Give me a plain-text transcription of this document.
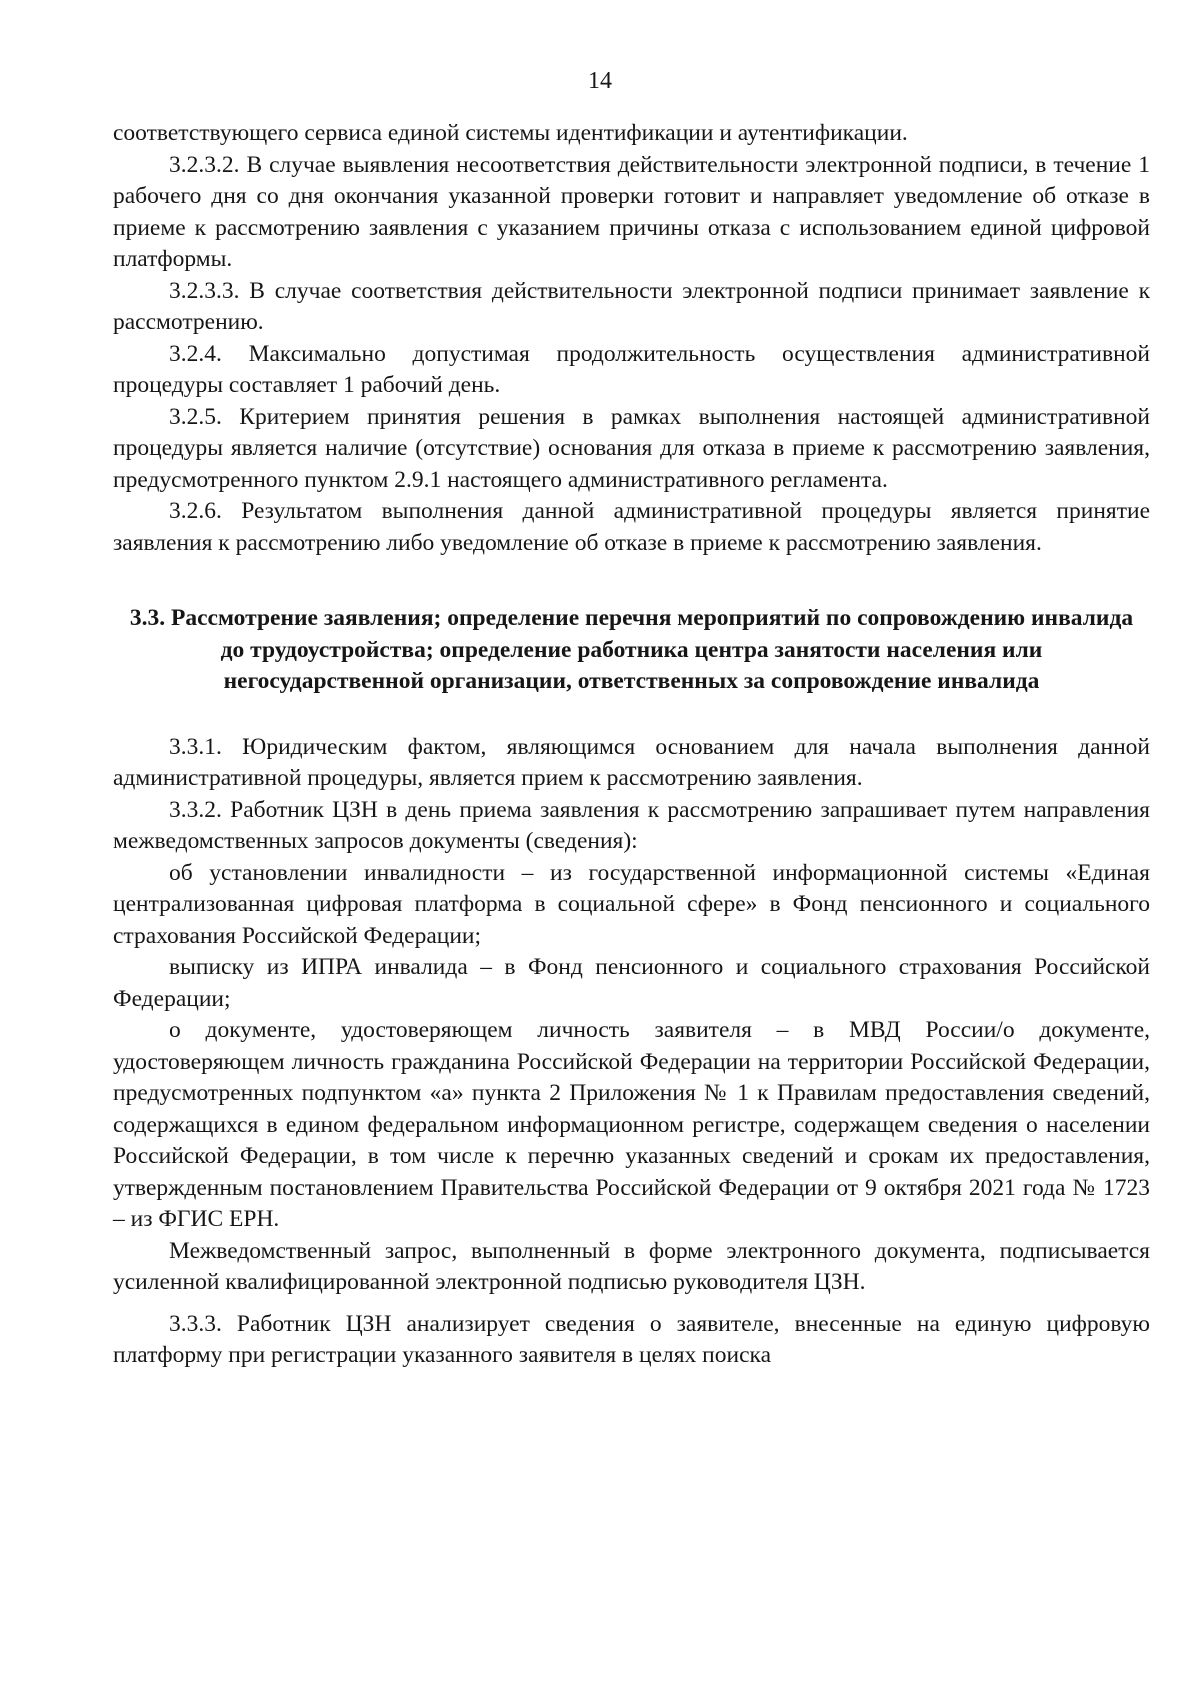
14

соответствующего сервиса единой системы идентификации и аутентификации.

3.2.3.2. В случае выявления несоответствия действительности электронной подписи, в течение 1 рабочего дня со дня окончания указанной проверки готовит и направляет уведомление об отказе в приеме к рассмотрению заявления с указанием причины отказа с использованием единой цифровой платформы.

3.2.3.3. В случае соответствия действительности электронной подписи принимает заявление к рассмотрению.

3.2.4. Максимально допустимая продолжительность осуществления административной процедуры составляет 1 рабочий день.

3.2.5. Критерием принятия решения в рамках выполнения настоящей административной процедуры является наличие (отсутствие) основания для отказа в приеме к рассмотрению заявления, предусмотренного пунктом 2.9.1 настоящего административного регламента.

3.2.6. Результатом выполнения данной административной процедуры является принятие заявления к рассмотрению либо уведомление об отказе в приеме к рассмотрению заявления.

3.3. Рассмотрение заявления; определение перечня мероприятий по сопровождению инвалида до трудоустройства; определение работника центра занятости населения или негосударственной организации, ответственных за сопровождение инвалида

3.3.1. Юридическим фактом, являющимся основанием для начала выполнения данной административной процедуры, является прием к рассмотрению заявления.

3.3.2. Работник ЦЗН в день приема заявления к рассмотрению запрашивает путем направления межведомственных запросов документы (сведения):

об установлении инвалидности – из государственной информационной системы «Единая централизованная цифровая платформа в социальной сфере» в Фонд пенсионного и социального страхования Российской Федерации;

выписку из ИПРА инвалида – в Фонд пенсионного и социального страхования Российской Федерации;

о документе, удостоверяющем личность заявителя – в МВД России/о документе, удостоверяющем личность гражданина Российской Федерации на территории Российской Федерации, предусмотренных подпунктом «а» пункта 2 Приложения № 1 к Правилам предоставления сведений, содержащихся в едином федеральном информационном регистре, содержащем сведения о населении Российской Федерации, в том числе к перечню указанных сведений и срокам их предоставления, утвержденным постановлением Правительства Российской Федерации от 9 октября 2021 года № 1723 – из ФГИС ЕРН.

Межведомственный запрос, выполненный в форме электронного документа, подписывается усиленной квалифицированной электронной подписью руководителя ЦЗН.

3.3.3. Работник ЦЗН анализирует сведения о заявителе, внесенные на единую цифровую платформу при регистрации указанного заявителя в целях поиска
